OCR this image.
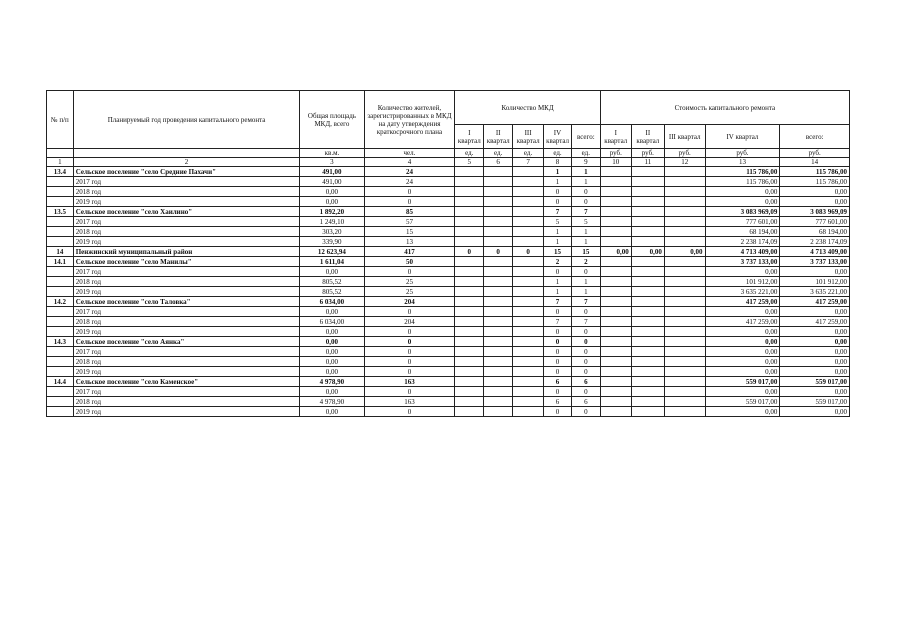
№ п/п	Планируемый год проведения капитального ремонта	Общая площадь МКД, всего	Количество жителей, зарегистрированных в МКД на дату утверждения краткосрочного плана	Количество МКД					Стоимость капитального ремонта				
				I квартал	II квартал	III квартал	IV квартал	всего:	I квартал	II квартал	III квартал	IV квартал	всего:

		кв.м.	чел.	ед.	ед.	ед.	ед.	ед.	руб.	руб.	руб.	руб.	руб.
1	2	3	4	5	6	7	8	9	10	11	12	13	14
13.4	Сельское поселение "село Средние Пахачи"	491,00	24				1	1				115 786,00	115 786,00
	2017 год	491,00	24				1	1				115 786,00	115 786,00
	2018 год	0,00	0				0	0				0,00	0,00
	2019 год	0,00	0				0	0				0,00	0,00
13.5	Сельское поселение "село Хаилино"	1 892,20	85				7	7				3 083 969,09	3 083 969,09
	2017 год	1 249,10	57				5	5				777 601,00	777 601,00
	2018 год	303,20	15				1	1				68 194,00	68 194,00
	2019 год	339,90	13				1	1				2 238 174,09	2 238 174,09
14	Пенжинский муниципальный район	12 623,94	417	0	0	0	15	15	0,00	0,00	0,00	4 713 409,00	4 713 409,00
14.1	Сельское поселение "село Манилы"	1 611,04	50				2	2				3 737 133,00	3 737 133,00
	2017 год	0,00	0				0	0				0,00	0,00
	2018 год	805,52	25				1	1				101 912,00	101 912,00
	2019 год	805,52	25				1	1				3 635 221,00	3 635 221,00
14.2	Сельское поселение "село Таловка"	6 034,00	204				7	7				417 259,00	417 259,00
	2017 год	0,00	0				0	0				0,00	0,00
	2018 год	6 034,00	204				7	7				417 259,00	417 259,00
	2019 год	0,00	0				0	0				0,00	0,00
14.3	Сельское поселение "село Аянка"	0,00	0				0	0				0,00	0,00
	2017 год	0,00	0				0	0				0,00	0,00
	2018 год	0,00	0				0	0				0,00	0,00
	2019 год	0,00	0				0	0				0,00	0,00
14.4	Сельское поселение "село Каменское"	4 978,90	163				6	6				559 017,00	559 017,00
	2017 год	0,00	0				0	0				0,00	0,00
	2018 год	4 978,90	163				6	6				559 017,00	559 017,00
	2019 год	0,00	0				0	0				0,00	0,00
